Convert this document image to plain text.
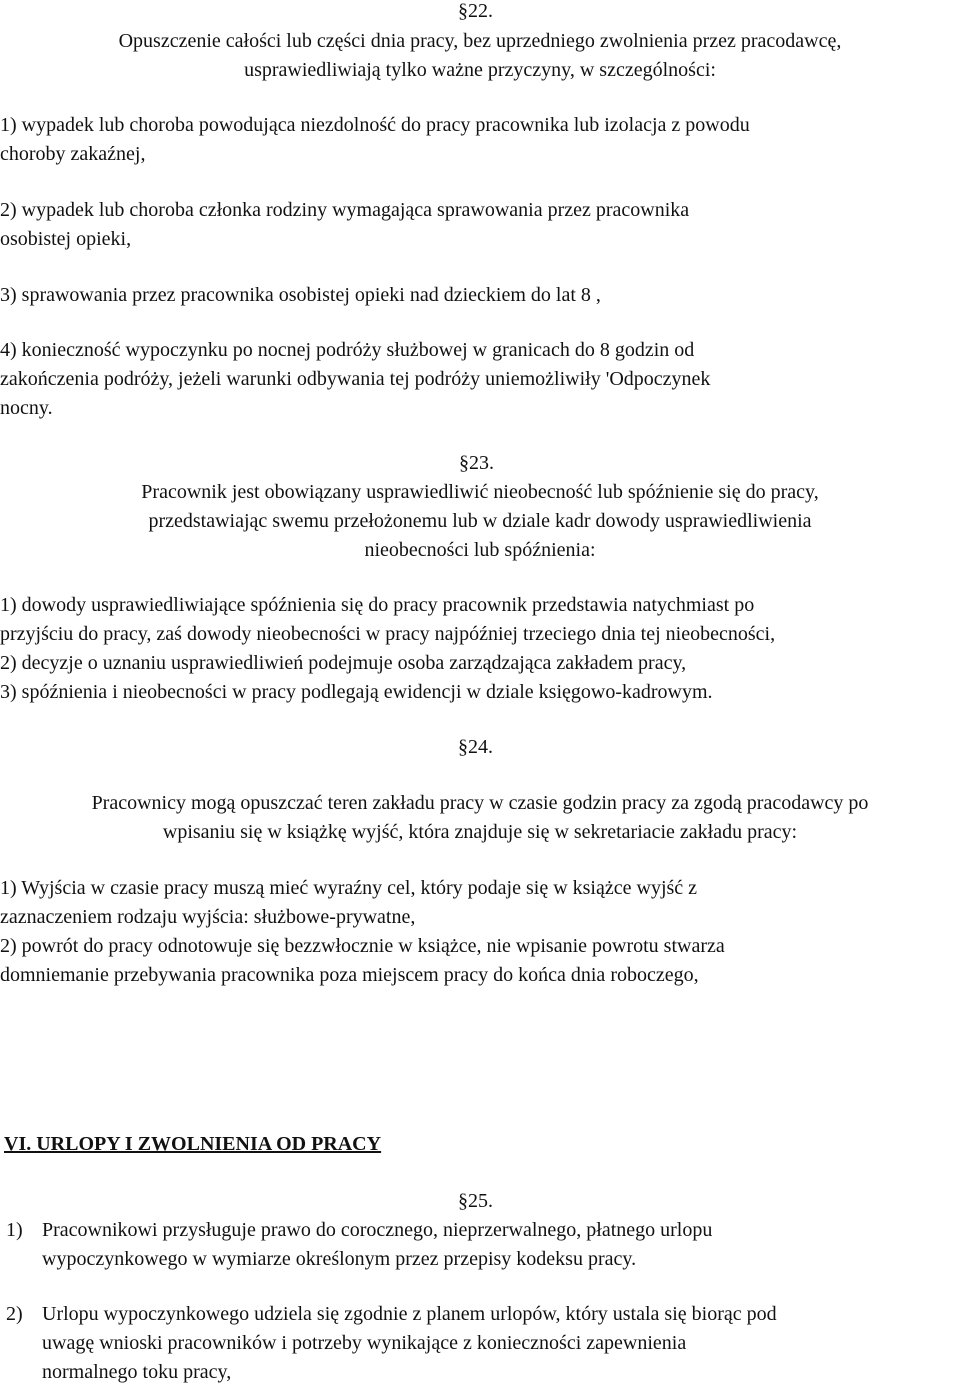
§22.
Opuszczenie całości lub części dnia pracy, bez uprzedniego zwolnienia przez pracodawcę,
usprawiedliwiają tylko ważne przyczyny, w szczególności:
1) wypadek lub choroba powodująca niezdolność do pracy pracownika lub izolacja z powodu
choroby zakaźnej,
2) wypadek lub choroba członka rodziny wymagająca sprawowania przez pracownika
osobistej opieki,
3) sprawowania przez pracownika osobistej opieki nad dzieckiem do lat 8 ,
4) konieczność wypoczynku po nocnej podróży służbowej w granicach do 8 godzin od
zakończenia podróży, jeżeli warunki odbywania tej podróży uniemożliwiły 'Odpoczynek
nocny.
§23.
Pracownik jest obowiązany usprawiedliwić nieobecność lub spóźnienie się do pracy,
przedstawiając swemu przełożonemu lub w dziale kadr dowody usprawiedliwienia
nieobecności lub spóźnienia:
1) dowody usprawiedliwiające spóźnienia się do pracy pracownik przedstawia natychmiast po
przyjściu do pracy, zaś dowody nieobecności w pracy najpóźniej trzeciego dnia tej nieobecności,
2) decyzje o uznaniu usprawiedliwień podejmuje osoba zarządzająca zakładem pracy,
3) spóźnienia i nieobecności w pracy podlegają ewidencji w dziale księgowo-kadrowym.
§24.
Pracownicy mogą opuszczać teren zakładu pracy w czasie godzin pracy za zgodą pracodawcy po
wpisaniu się w książkę wyjść, która znajduje się w sekretariacie zakładu pracy:
1) Wyjścia w czasie pracy muszą mieć wyraźny cel, który podaje się w książce wyjść z
zaznaczeniem rodzaju wyjścia: służbowe-prywatne,
2) powrót do pracy odnotowuje się bezzwłocznie w książce, nie wpisanie powrotu stwarza
domniemanie przebywania pracownika poza miejscem pracy do końca dnia roboczego,
VI. URLOPY I ZWOLNIENIA OD PRACY
§25.
1) Pracownikowi przysługuje prawo do corocznego, nieprzerwalnego, płatnego urlopu
wypoczynkowego w wymiarze określonym przez przepisy kodeksu pracy.
2) Urlopu wypoczynkowego udziela się zgodnie z planem urlopów, który ustala się biorąc pod
uwagę wnioski pracowników i potrzeby wynikające z konieczności zapewnienia
normalnego toku pracy,
